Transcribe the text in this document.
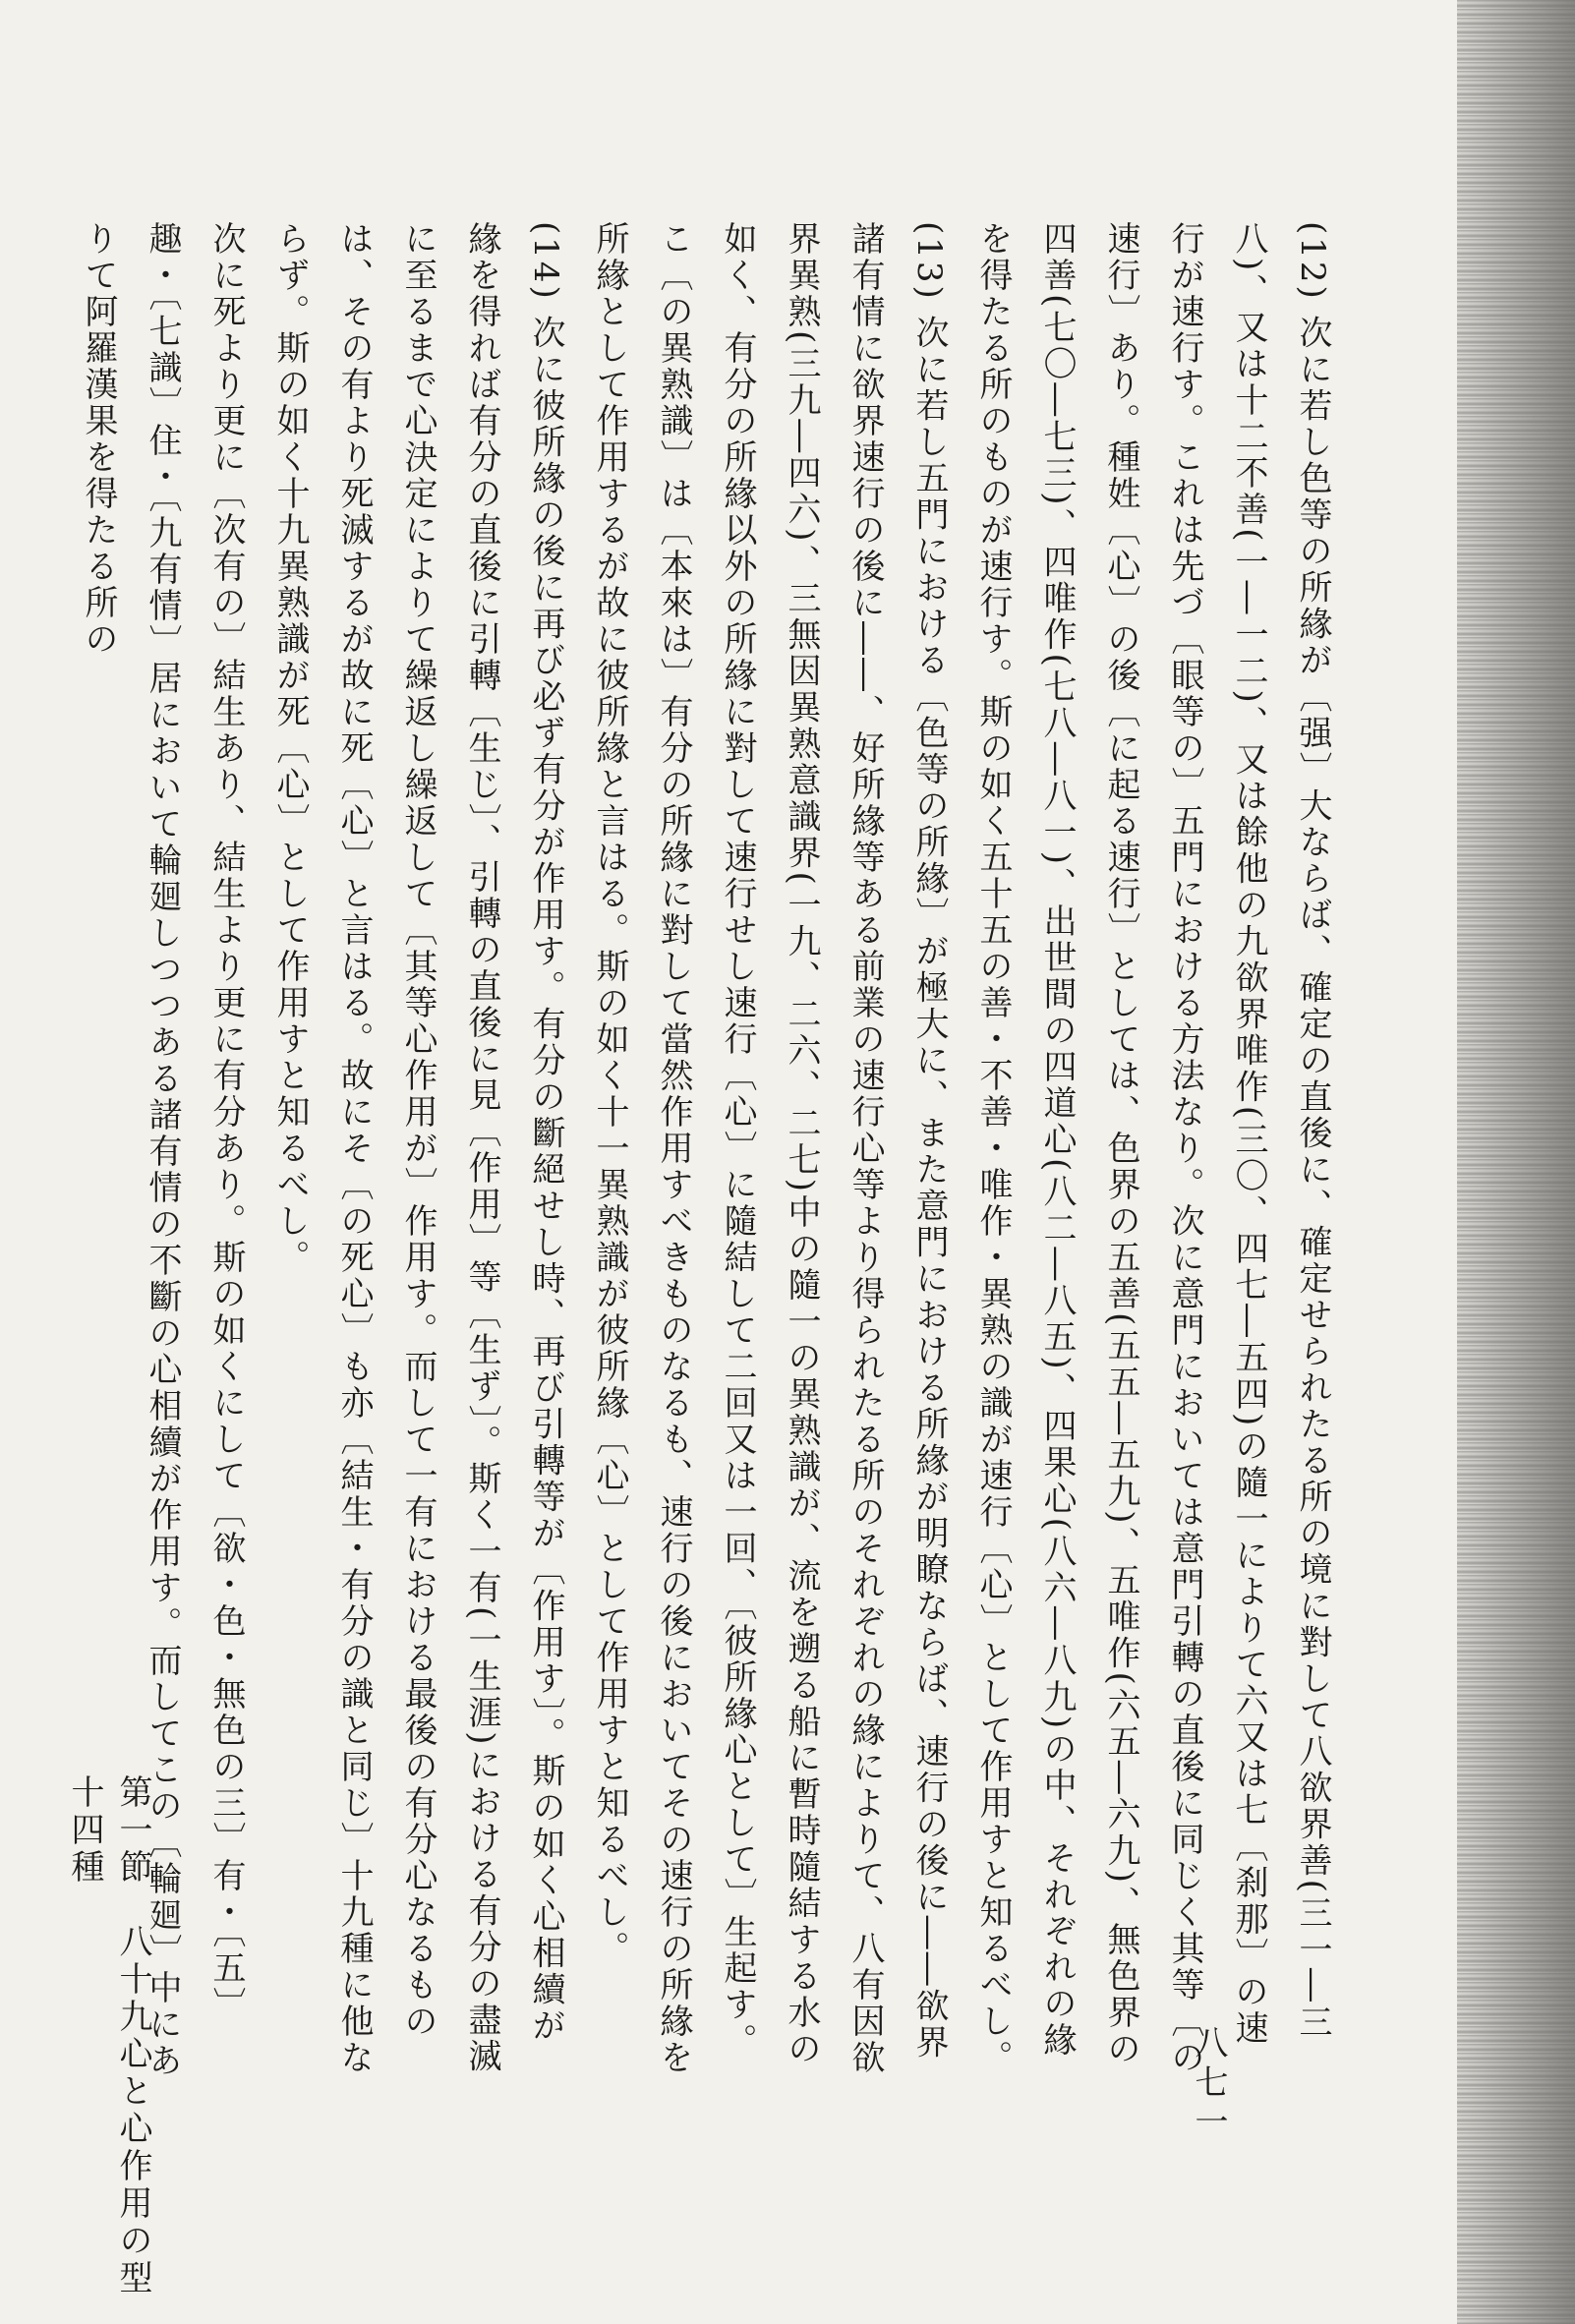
(12) 次に若し色等の所緣が〔强〕大ならば、確定の直後に、確定せられたる所の境に對して八欲界善(三一―三八)、又は十二不善(一―一二)、又は餘他の九欲界唯作(三〇、四七―五四)の隨一によりて六又は七〔刹那〕の速行が速行す。これは先づ〔眼等の〕五門における方法なり。次に意門においては意門引轉の直後に同じく其等〔の速行〕あり。種姓〔心〕の後〔に起る速行〕としては、色界の五善(五五―五九)、五唯作(六五―六九)、無色界の四善(七〇―七三)、四唯作(七八―八一)、出世間の四道心(八二―八五)、四果心(八六―八九)の中、それぞれの緣を得たる所のものが速行す。斯の如く五十五の善・不善・唯作・異熟の識が速行〔心〕として作用すと知るべし。

(13) 次に若し五門における〔色等の所緣〕が極大に、また意門における所緣が明瞭ならば、速行の後に――欲界諸有情に欲界速行の後に――、好所緣等ある前業の速行心等より得られたる所のそれぞれの緣によりて、八有因欲界異熟(三九―四六)、三無因異熟意識界(一九、二六、二七)中の隨一の異熟識が、流を遡る船に暫時隨結する水の如く、有分の所緣以外の所緣に對して速行せし速行〔心〕に隨結して二回又は一回、〔彼所緣心として〕生起す。こ〔の異熟識〕は〔本來は〕有分の所緣に對して當然作用すべきものなるも、速行の後においてその速行の所緣を所緣として作用するが故に彼所緣と言はる。斯の如く十一異熟識が彼所緣〔心〕として作用すと知るべし。

(14) 次に彼所緣の後に再び必ず有分が作用す。有分の斷絕せし時、再び引轉等が〔作用す〕。斯の如く心相續が緣を得れば有分の直後に引轉〔生じ〕、引轉の直後に見〔作用〕等〔生ず〕。斯く一有(一生涯)における有分の盡滅に至るまで心決定によりて繰返し繰返して〔其等心作用が〕作用す。而して一有における最後の有分心なるものは、その有より死滅するが故に死〔心〕と言はる。故にそ〔の死心〕も亦〔結生・有分の識と同じ〕十九種に他ならず。斯の如く十九異熟識が死〔心〕として作用すと知るべし。

次に死より更に〔次有の〕結生あり、結生より更に有分あり。斯の如くにして〔欲・色・無色の三〕有・〔五〕趣・〔七識〕住・〔九有情〕居において輪廻しつつある諸有情の不斷の心相續が作用す。而してこの〔輪廻〕中にありて阿羅漢果を得たる所の

第一節　八十九心と心作用の型十四種
八七一
